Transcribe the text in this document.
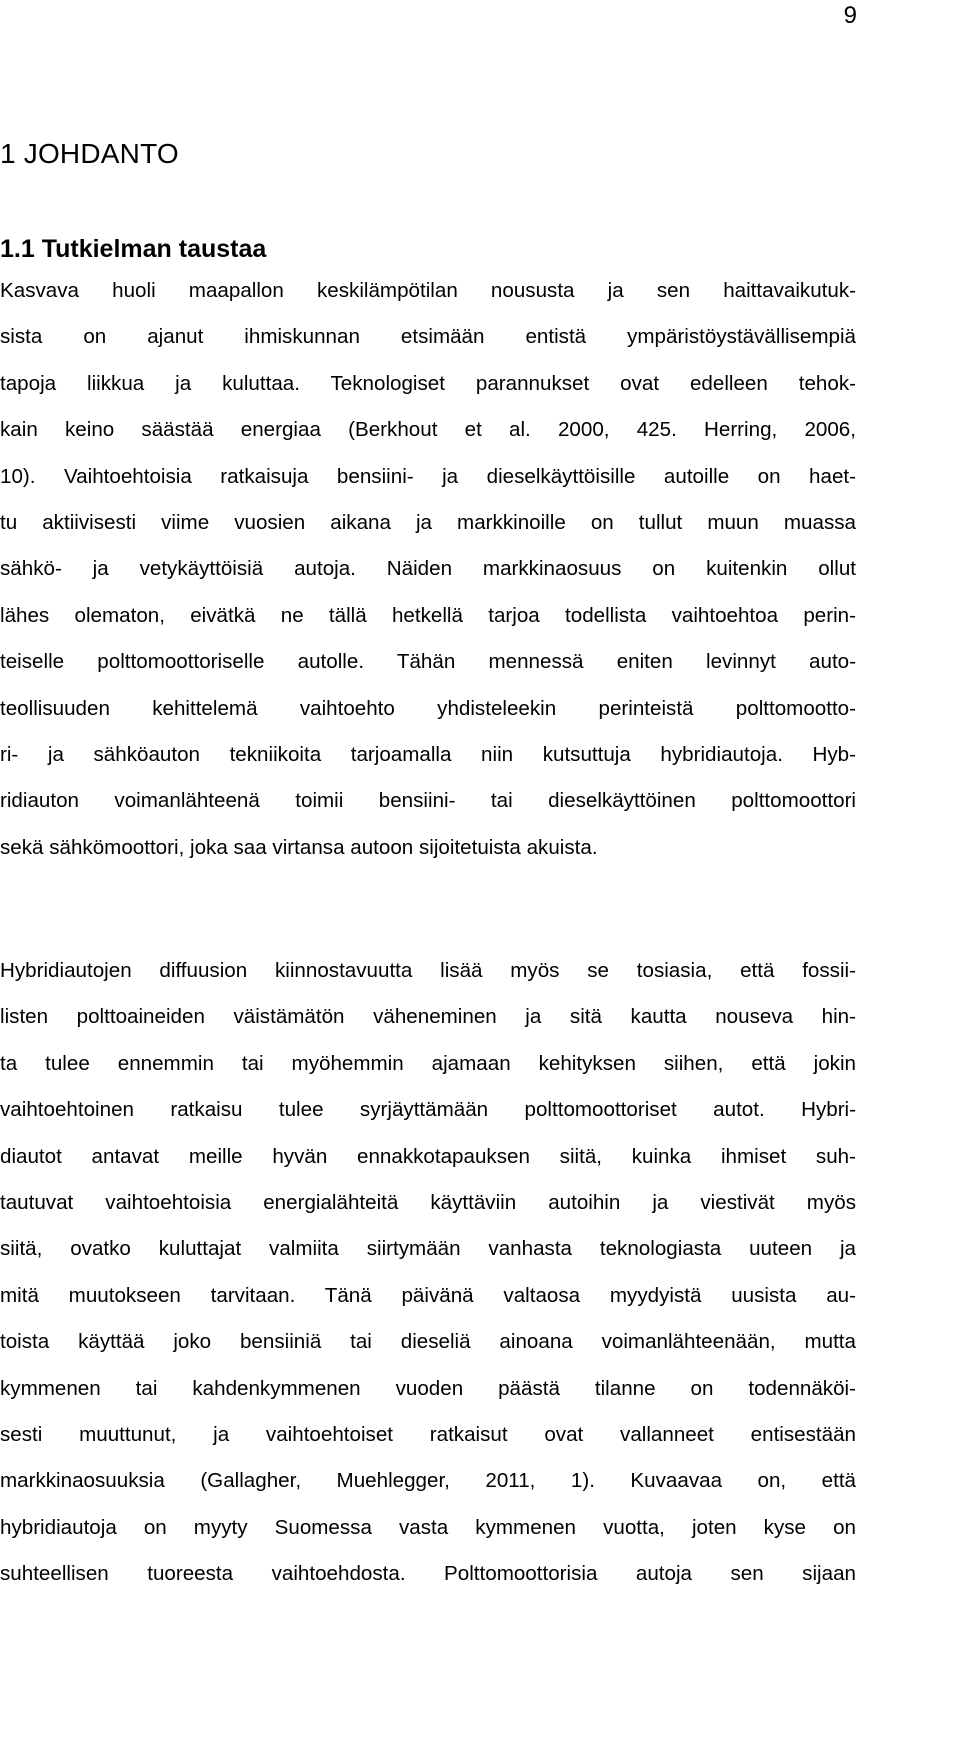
9
1 JOHDANTO
1.1 Tutkielman taustaa
Kasvava huoli maapallon keskilämpötilan noususta ja sen haittavaikutuk-
sista on ajanut ihmiskunnan etsimään entistä ympäristöystävällisempiä
tapoja liikkua ja kuluttaa. Teknologiset parannukset ovat edelleen tehok-
kain keino säästää energiaa (Berkhout et al. 2000, 425. Herring, 2006,
10). Vaihtoehtoisia ratkaisuja bensiini- ja dieselkäyttöisille autoille on haet-
tu aktiivisesti viime vuosien aikana ja markkinoille on tullut muun muassa
sähkö- ja vetykäyttöisiä autoja. Näiden markkinaosuus on kuitenkin ollut
lähes olematon, eivätkä ne tällä hetkellä tarjoa todellista vaihtoehtoa perin-
teiselle polttomoottoriselle autolle. Tähän mennessä eniten levinnyt auto-
teollisuuden kehittelemä vaihtoehto yhdisteleekin perinteistä polttomootto-
ri- ja sähköauton tekniikoita tarjoamalla niin kutsuttuja hybridiautoja. Hyb-
ridiauton voimanlähteenä toimii bensiini- tai dieselkäyttöinen polttomoottori
sekä sähkömoottori, joka saa virtansa autoon sijoitetuista akuista.
Hybridiautojen diffuusion kiinnostavuutta lisää myös se tosiasia, että fossii-
listen polttoaineiden väistämätön väheneminen ja sitä kautta nouseva hin-
ta tulee ennemmin tai myöhemmin ajamaan kehityksen siihen, että jokin
vaihtoehtoinen ratkaisu tulee syrjäyttämään polttomoottoriset autot. Hybri-
diautot antavat meille hyvän ennakkotapauksen siitä, kuinka ihmiset suh-
tautuvat vaihtoehtoisia energialähteitä käyttäviin autoihin ja viestivät myös
siitä, ovatko kuluttajat valmiita siirtymään vanhasta teknologiasta uuteen ja
mitä muutokseen tarvitaan. Tänä päivänä valtaosa myydyistä uusista au-
toista käyttää joko bensiiniä tai dieseliä ainoana voimanlähteenään, mutta
kymmenen tai kahdenkymmenen vuoden päästä tilanne on todennäköi-
sesti muuttunut, ja vaihtoehtoiset ratkaisut ovat vallanneet entisestään
markkinaosuuksia (Gallagher, Muehlegger, 2011, 1). Kuvaavaa on, että
hybridiautoja on myyty Suomessa vasta kymmenen vuotta, joten kyse on
suhteellisen tuoreesta vaihtoehdosta. Polttomoottorisia autoja sen sijaan
